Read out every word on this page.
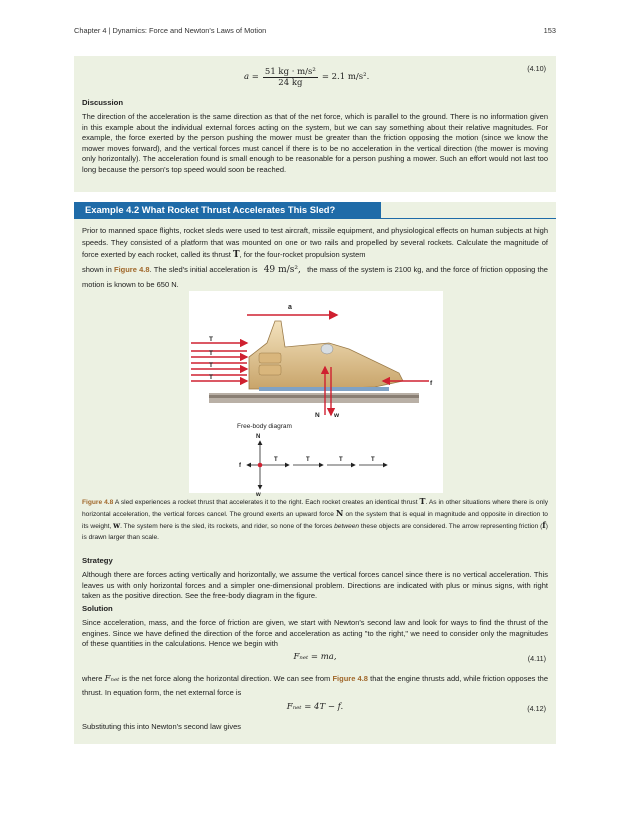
Chapter 4 | Dynamics: Force and Newton's Laws of Motion	153
$a = \frac{\text{51 kg · m/s²}}{24 kg} = 2.1$ m/s².
(4.10)
Discussion

The direction of the acceleration is the same direction as that of the net force, which is parallel to the ground. There is no information given in this example about the individual external forces acting on the system, but we can say something about their relative magnitudes. For example, the force exerted by the person pushing the mower must be greater than the friction opposing the motion (since we know the mower moves forward), and the vertical forces must cancel if there is to be no acceleration in the vertical direction (the mower is moving only horizontally). The acceleration found is small enough to be reasonable for a person pushing a mower. Such an effort would not last too long because the person's top speed would soon be reached.

Example 4.2 What Rocket Thrust Accelerates This Sled?

Prior to manned space flights, rocket sleds were used to test aircraft, missile equipment, and physiological effects on human subjects at high speeds. They consisted of a platform that was mounted on one or two rails and propelled by several rockets. Calculate the magnitude of force exerted by each rocket, called its thrust T, for the four-rocket propulsion system
shown in Figure 4.8. The sled's initial acceleration is 49 m/s², the mass of the system is 2100 kg, and the force of friction opposing the motion is known to be 650 N.

a
T
T
T
T
f
N w
Free-body diagram
N
w
f
T	T	T	T

Figure 4.8 A sled experiences a rocket thrust that accelerates it to the right. Each rocket creates an identical thrust T. As in other situations where there is only horizontal acceleration, the vertical forces cancel. The ground exerts an upward force N on the system that is equal in magnitude and opposite in direction to its weight, w. The system here is the sled, its rockets, and rider, so none of the forces between these objects are considered. The arrow representing friction (f) is drawn larger than scale.

Strategy

Although there are forces acting vertically and horizontally, we assume the vertical forces cancel since there is no vertical acceleration. This leaves us with only horizontal forces and a simpler one-dimensional problem. Directions are indicated with plus or minus signs, with right taken as the positive direction. See the free-body diagram in the figure.

Solution

Since acceleration, mass, and the force of friction are given, we start with Newton's second law and look for ways to find the thrust of the engines. Since we have defined the direction of the force and acceleration as acting "to the right," we need to consider only the magnitudes of these quantities in the calculations. Hence we begin with

Fₙₑₜ = ma,	(4.11)

where Fₙₑₜ is the net force along the horizontal direction. We can see from Figure 4.8 that the engine thrusts add, while friction opposes the thrust. In equation form, the net external force is

Fₙₑₜ = 4T − f.	(4.12)

Substituting this into Newton's second law gives
